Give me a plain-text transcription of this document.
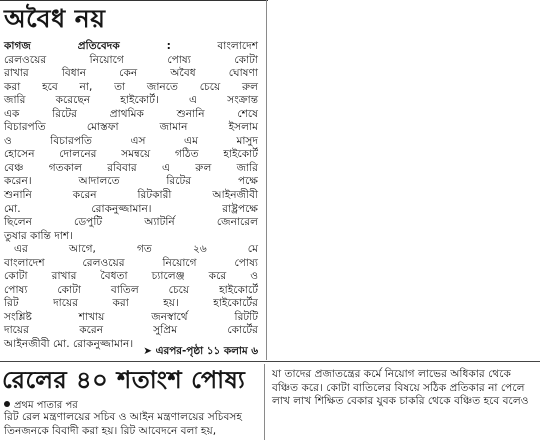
অবৈধ নয়
কাগজ প্রতিবেদক :	বাংলাদেশ
রেলওয়ের নিয়োগে পোষ্য কোটা
রাখার বিধান কেন অবৈধ ঘোষণা
করা হবে না, তা জানতে চেয়ে রুল
জারি করেছেন হাইকোর্ট। এ সংক্রান্ত
এক রিটের প্রাথমিক শুনানি শেষে
বিচারপতি মোস্তফা জামান ইসলাম
ও বিচারপতি এস এম মাসুদ
হোসেন দোলনের সমন্বয়ে গঠিত হাইকোর্ট
বেঞ্চ গতকাল রবিবার এ রুল জারি
করেন। আদালতে রিটের পক্ষে
শুনানি করেন রিটকারী আইনজীবী
মো. রোকনুজ্জামান। রাষ্ট্রপক্ষে
ছিলেন ডেপুটি অ্যাটর্নি জেনারেল
তুষার কান্তি দাশ।
এর আগে, গত ২৬ মে
বাংলাদেশ রেলওয়ের নিয়োগে পোষ্য
কোটা রাখার বৈধতা চ্যালেঞ্জ করে ও
পোষ্য কোটা বাতিল চেয়ে হাইকোর্টে
রিট দায়ের করা হয়। হাইকোর্টের
সংশ্লিষ্ট শাখায় জনস্বার্থে রিটটি
দায়ের করেন সুপ্রিম কোর্টের
আইনজীবী মো. রোকনুজ্জামান।
➤ এরপর-পৃষ্ঠা ১১ কলাম ৬
রেলের ৪০ শতাংশ পোষ্য
প্রথম পাতার পর
রিট রেল মন্ত্রণালয়ের সচিব ও আইন মন্ত্রণালয়ের সচিবসহ
তিনজনকে বিবাদী করা হয়। রিট আবেদনে বলা হয়,
যা তাদের প্রজাতন্ত্রের কর্মে নিয়োগ লাভের অধিকার থেকে
বঞ্চিত করে। কোটা বাতিলের বিষয়ে সঠিক প্রতিকার না পেলে
লাখ লাখ শিক্ষিত বেকার যুবক চাকরি থেকে বঞ্চিত হবে বলেও
